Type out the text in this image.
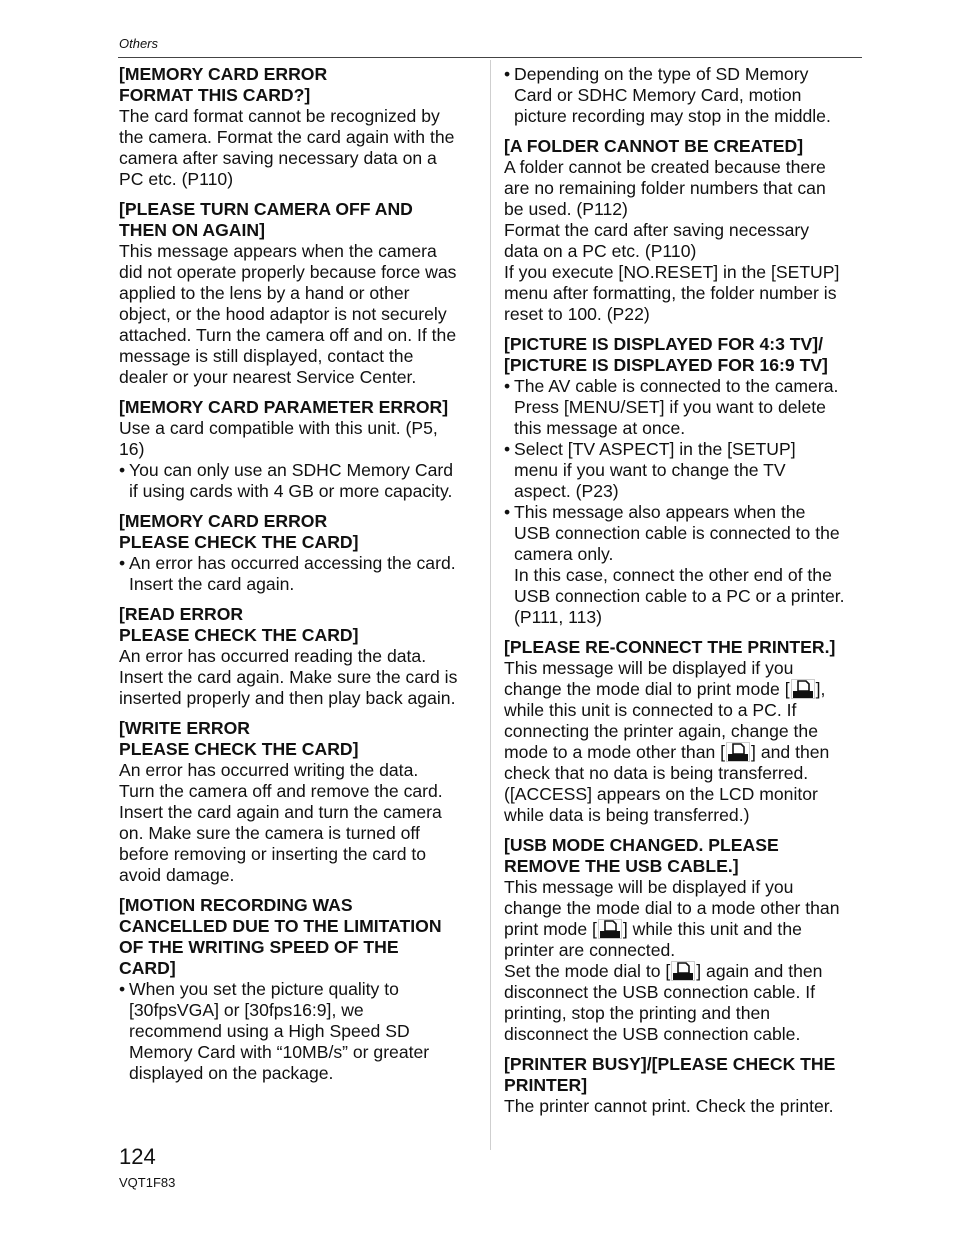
Others
[MEMORY CARD ERROR
FORMAT THIS CARD?]
The card format cannot be recognized by
the camera. Format the card again with the
camera after saving necessary data on a
PC etc. (P110)
[PLEASE TURN CAMERA OFF AND
THEN ON AGAIN]
This message appears when the camera
did not operate properly because force was
applied to the lens by a hand or other
object, or the hood adaptor is not securely
attached. Turn the camera off and on. If the
message is still displayed, contact the
dealer or your nearest Service Center.
[MEMORY CARD PARAMETER ERROR]
Use a card compatible with this unit. (P5,
16)
• You can only use an SDHC Memory Card
if using cards with 4 GB or more capacity.
[MEMORY CARD ERROR
PLEASE CHECK THE CARD]
• An error has occurred accessing the card.
Insert the card again.
[READ ERROR
PLEASE CHECK THE CARD]
An error has occurred reading the data.
Insert the card again. Make sure the card is
inserted properly and then play back again.
[WRITE ERROR
PLEASE CHECK THE CARD]
An error has occurred writing the data.
Turn the camera off and remove the card.
Insert the card again and turn the camera
on. Make sure the camera is turned off
before removing or inserting the card to
avoid damage.
[MOTION RECORDING WAS
CANCELLED DUE TO THE LIMITATION
OF THE WRITING SPEED OF THE
CARD]
• When you set the picture quality to
[30fpsVGA] or [30fps16:9], we
recommend using a High Speed SD
Memory Card with “10MB/s” or greater
displayed on the package.
• Depending on the type of SD Memory
Card or SDHC Memory Card, motion
picture recording may stop in the middle.
[A FOLDER CANNOT BE CREATED]
A folder cannot be created because there
are no remaining folder numbers that can
be used. (P112)
Format the card after saving necessary
data on a PC etc. (P110)
If you execute [NO.RESET] in the [SETUP]
menu after formatting, the folder number is
reset to 100. (P22)
[PICTURE IS DISPLAYED FOR 4:3 TV]/
[PICTURE IS DISPLAYED FOR 16:9 TV]
• The AV cable is connected to the camera.
Press [MENU/SET] if you want to delete
this message at once.
• Select [TV ASPECT] in the [SETUP]
menu if you want to change the TV
aspect. (P23)
• This message also appears when the
USB connection cable is connected to the
camera only.
In this case, connect the other end of the
USB connection cable to a PC or a printer.
(P111, 113)
[PLEASE RE-CONNECT THE PRINTER.]
This message will be displayed if you
change the mode dial to print mode [ ],
while this unit is connected to a PC. If
connecting the printer again, change the
mode to a mode other than [ ] and then
check that no data is being transferred.
([ACCESS] appears on the LCD monitor
while data is being transferred.)
[USB MODE CHANGED. PLEASE
REMOVE THE USB CABLE.]
This message will be displayed if you
change the mode dial to a mode other than
print mode [ ] while this unit and the
printer are connected.
Set the mode dial to [ ] again and then
disconnect the USB connection cable. If
printing, stop the printing and then
disconnect the USB connection cable.
[PRINTER BUSY]/[PLEASE CHECK THE
PRINTER]
The printer cannot print. Check the printer.
124
VQT1F83
